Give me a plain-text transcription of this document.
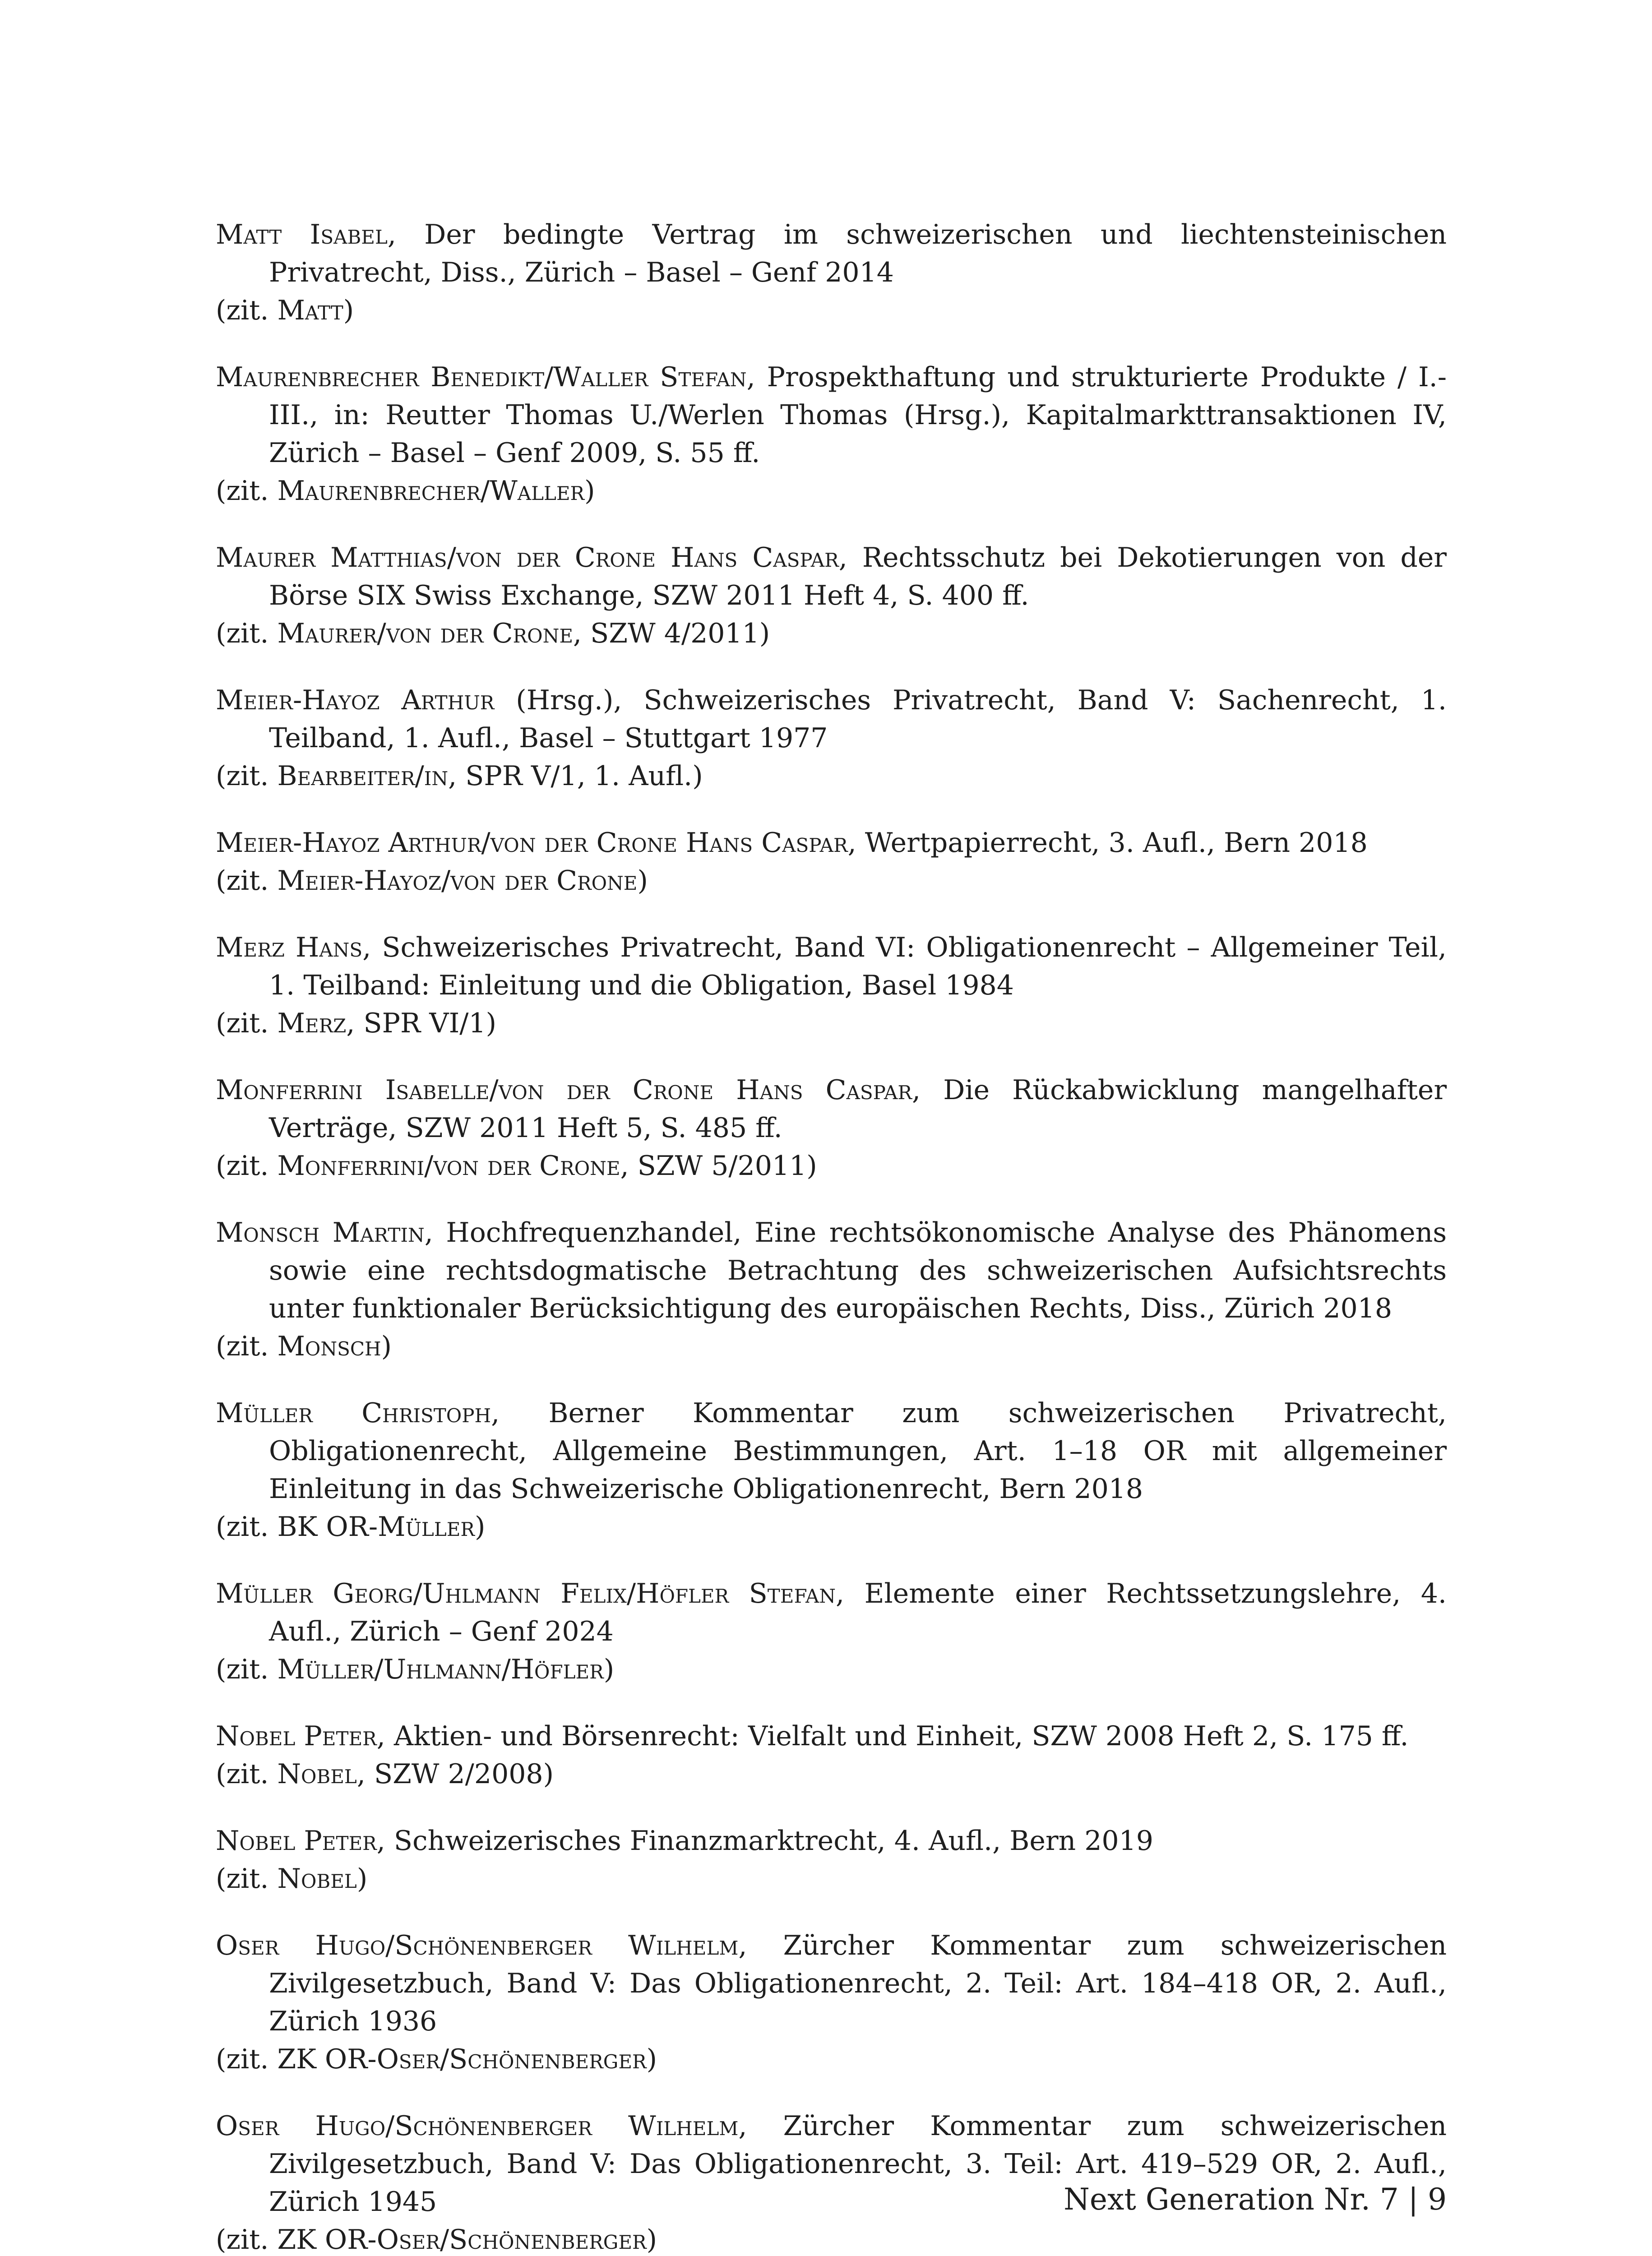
Matt Isabel, Der bedingte Vertrag im schweizerischen und liechtensteinischen Privatrecht, Diss., Zürich – Basel – Genf 2014
(zit. Matt)

Maurenbrecher Benedikt/Waller Stefan, Prospekthaftung und strukturierte Produkte / I.-III., in: Reutter Thomas U./Werlen Thomas (Hrsg.), Kapitalmarkttransaktionen IV, Zürich – Basel – Genf 2009, S. 55 ff.
(zit. Maurenbrecher/Waller)

Maurer Matthias/von der Crone Hans Caspar, Rechtsschutz bei Dekotierungen von der Börse SIX Swiss Exchange, SZW 2011 Heft 4, S. 400 ff.
(zit. Maurer/von der Crone, SZW 4/2011)

Meier-Hayoz Arthur (Hrsg.), Schweizerisches Privatrecht, Band V: Sachenrecht, 1. Teilband, 1. Aufl., Basel – Stuttgart 1977
(zit. Bearbeiter/in, SPR V/1, 1. Aufl.)

Meier-Hayoz Arthur/von der Crone Hans Caspar, Wertpapierrecht, 3. Aufl., Bern 2018
(zit. Meier-Hayoz/von der Crone)

Merz Hans, Schweizerisches Privatrecht, Band VI: Obligationenrecht – Allgemeiner Teil, 1. Teilband: Einleitung und die Obligation, Basel 1984
(zit. Merz, SPR VI/1)

Monferrini Isabelle/von der Crone Hans Caspar, Die Rückabwicklung mangelhafter Verträge, SZW 2011 Heft 5, S. 485 ff.
(zit. Monferrini/von der Crone, SZW 5/2011)

Monsch Martin, Hochfrequenzhandel, Eine rechtsökonomische Analyse des Phänomens sowie eine rechtsdogmatische Betrachtung des schweizerischen Aufsichtsrechts unter funktionaler Berücksichtigung des europäischen Rechts, Diss., Zürich 2018
(zit. Monsch)

Müller Christoph, Berner Kommentar zum schweizerischen Privatrecht, Obligationenrecht, Allgemeine Bestimmungen, Art. 1–18 OR mit allgemeiner Einleitung in das Schweizerische Obligationenrecht, Bern 2018
(zit. BK OR-Müller)

Müller Georg/Uhlmann Felix/Höfler Stefan, Elemente einer Rechtssetzungslehre, 4. Aufl., Zürich – Genf 2024
(zit. Müller/Uhlmann/Höfler)

Nobel Peter, Aktien- und Börsenrecht: Vielfalt und Einheit, SZW 2008 Heft 2, S. 175 ff.
(zit. Nobel, SZW 2/2008)

Nobel Peter, Schweizerisches Finanzmarktrecht, 4. Aufl., Bern 2019
(zit. Nobel)

Oser Hugo/Schönenberger Wilhelm, Zürcher Kommentar zum schweizerischen Zivilgesetzbuch, Band V: Das Obligationenrecht, 2. Teil: Art. 184–418 OR, 2. Aufl., Zürich 1936
(zit. ZK OR-Oser/Schönenberger)

Oser Hugo/Schönenberger Wilhelm, Zürcher Kommentar zum schweizerischen Zivilgesetzbuch, Band V: Das Obligationenrecht, 3. Teil: Art. 419–529 OR, 2. Aufl., Zürich 1945
(zit. ZK OR-Oser/Schönenberger)

Next Generation Nr. 7 | 9
